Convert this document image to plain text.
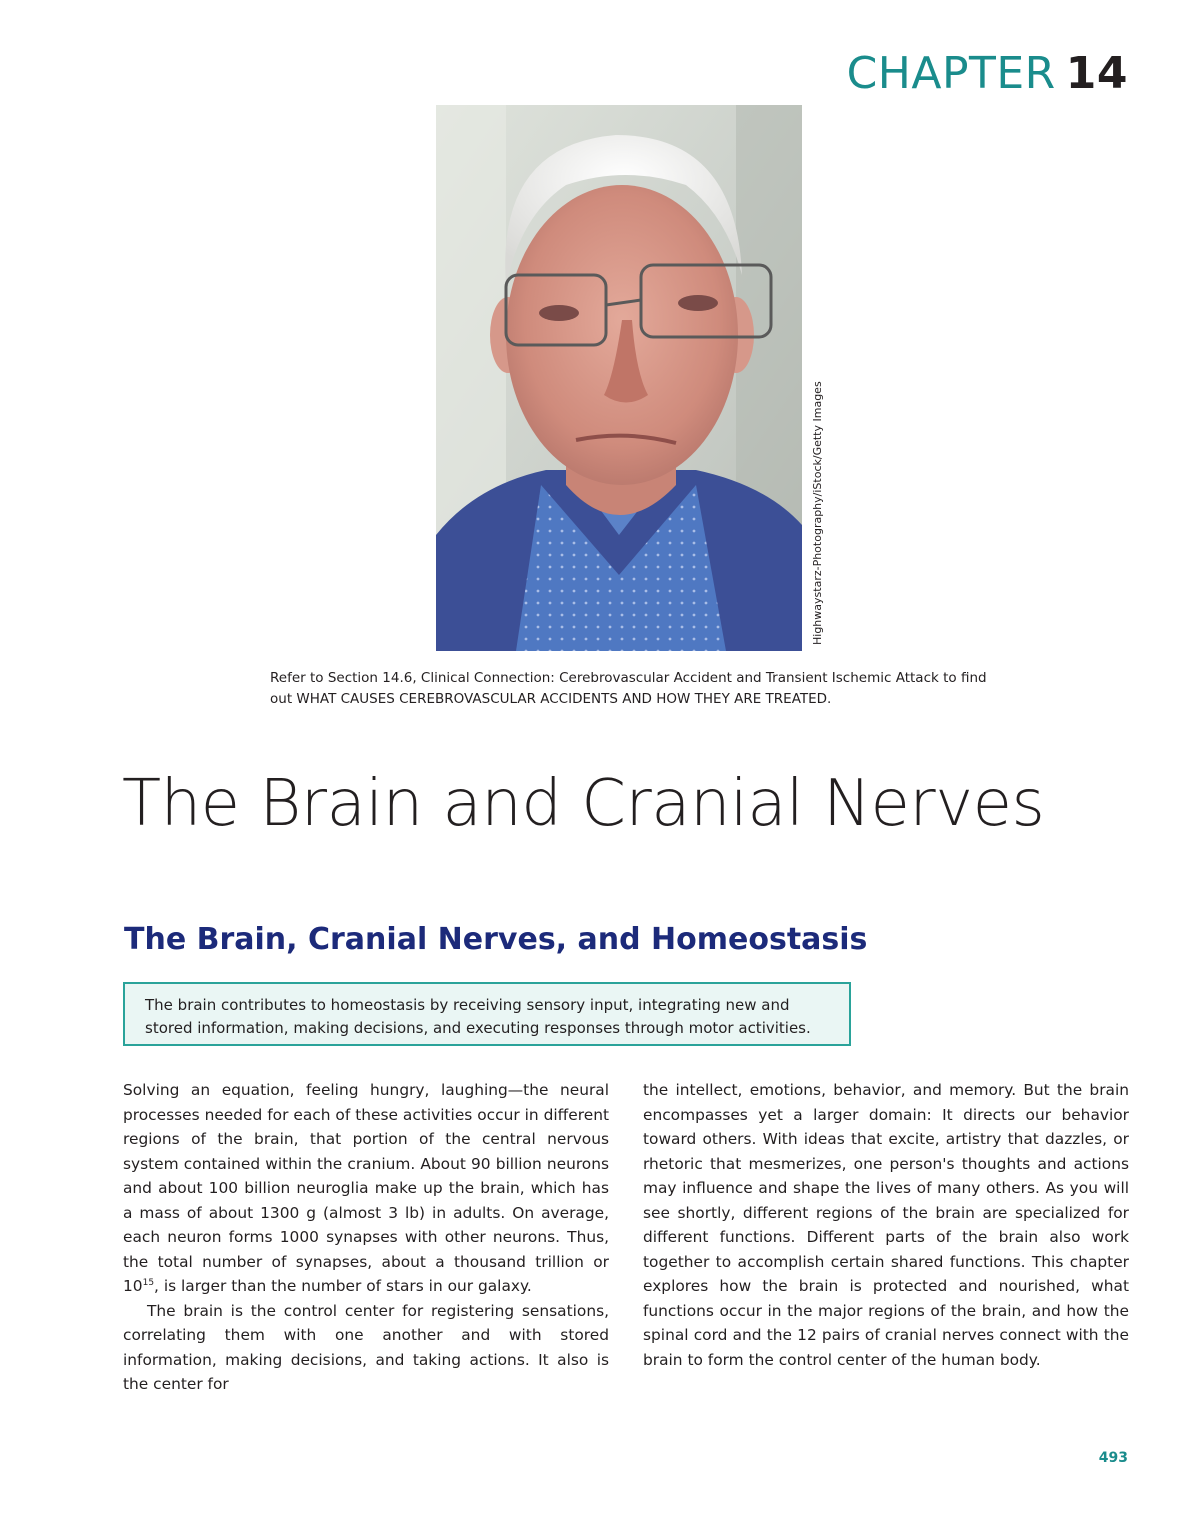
CHAPTER 14
Highwaystarz-Photography/iStock/Getty Images
Refer to Section 14.6, Clinical Connection: Cerebrovascular Accident and Transient Ischemic Attack to find out WHAT CAUSES CEREBROVASCULAR ACCIDENTS AND HOW THEY ARE TREATED.
The Brain and Cranial Nerves
The Brain, Cranial Nerves, and Homeostasis
The brain contributes to homeostasis by receiving sensory input, integrating new and stored information, making decisions, and executing responses through motor activities.

Solving an equation, feeling hungry, laughing—the neural processes needed for each of these activities occur in different regions of the brain, that portion of the central nervous system contained within the cranium. About 90 billion neurons and about 100 billion neuroglia make up the brain, which has a mass of about 1300 g (almost 3 lb) in adults. On average, each neuron forms 1000 synapses with other neurons. Thus, the total number of synapses, about a thousand trillion or $10^{15}$, is larger than the number of stars in our galaxy.

The brain is the control center for registering sensations, correlating them with one another and with stored information, making decisions, and taking actions. It also is the center for

the intellect, emotions, behavior, and memory. But the brain encompasses yet a larger domain: It directs our behavior toward others. With ideas that excite, artistry that dazzles, or rhetoric that mesmerizes, one person's thoughts and actions may influence and shape the lives of many others. As you will see shortly, different regions of the brain are specialized for different functions. Different parts of the brain also work together to accomplish certain shared functions. This chapter explores how the brain is protected and nourished, what functions occur in the major regions of the brain, and how the spinal cord and the 12 pairs of cranial nerves connect with the brain to form the control center of the human body.

493
